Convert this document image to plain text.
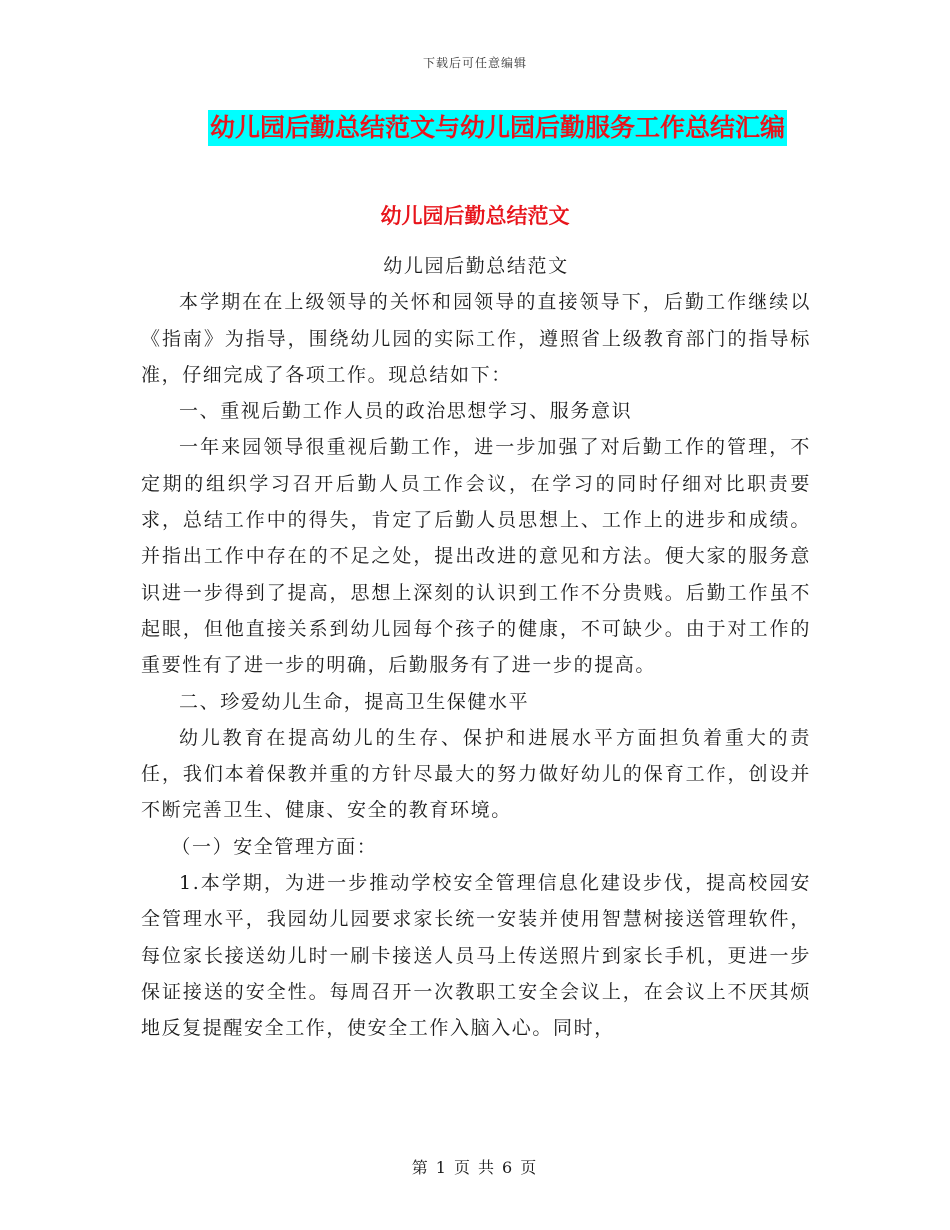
下载后可任意编辑
幼儿园后勤总结范文与幼儿园后勤服务工作总结汇编
幼儿园后勤总结范文

幼儿园后勤总结范文

本学期在在上级领导的关怀和园领导的直接领导下，后勤工作继续以《指南》为指导，围绕幼儿园的实际工作，遵照省上级教育部门的指导标准，仔细完成了各项工作。现总结如下：

一、重视后勤工作人员的政治思想学习、服务意识

一年来园领导很重视后勤工作，进一步加强了对后勤工作的管理，不定期的组织学习召开后勤人员工作会议，在学习的同时仔细对比职责要求，总结工作中的得失，肯定了后勤人员思想上、工作上的进步和成绩。并指出工作中存在的不足之处，提出改进的意见和方法。便大家的服务意识进一步得到了提高，思想上深刻的认识到工作不分贵贱。后勤工作虽不起眼，但他直接关系到幼儿园每个孩子的健康，不可缺少。由于对工作的重要性有了进一步的明确，后勤服务有了进一步的提高。

二、珍爱幼儿生命，提高卫生保健水平

幼儿教育在提高幼儿的生存、保护和进展水平方面担负着重大的责任，我们本着保教并重的方针尽最大的努力做好幼儿的保育工作，创设并不断完善卫生、健康、安全的教育环境。

（一）安全管理方面：

1.本学期，为进一步推动学校安全管理信息化建设步伐，提高校园安全管理水平，我园幼儿园要求家长统一安装并使用智慧树接送管理软件，每位家长接送幼儿时一刷卡接送人员马上传送照片到家长手机，更进一步保证接送的安全性。每周召开一次教职工安全会议上，在会议上不厌其烦地反复提醒安全工作，使安全工作入脑入心。同时，

第 1 页 共 6 页
